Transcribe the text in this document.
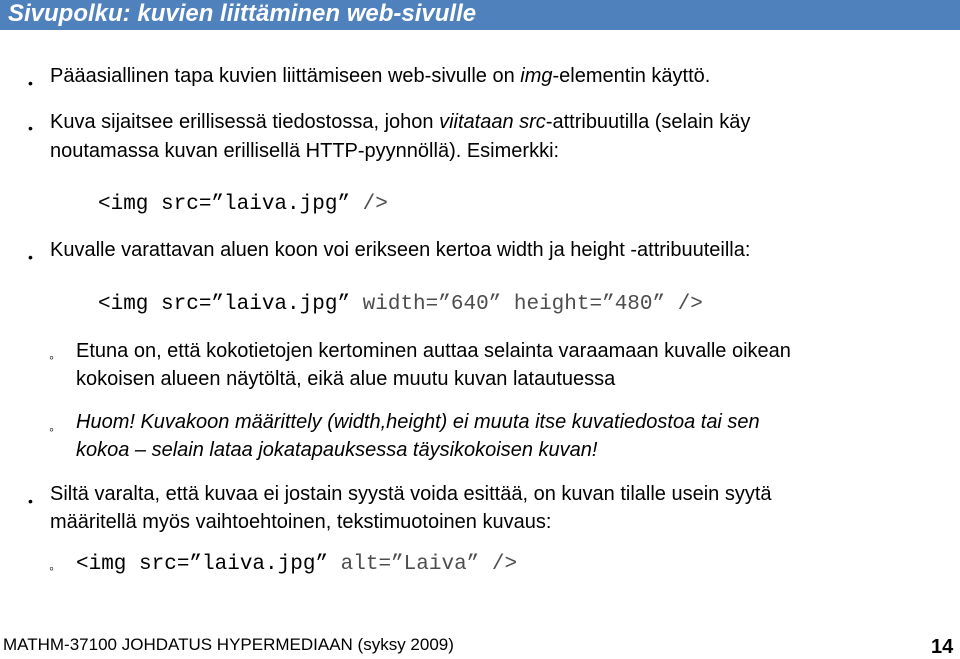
Sivupolku: kuvien liittäminen web-sivulle
• Pääasiallinen tapa kuvien liittämiseen web-sivulle on img-elementin käyttö.
• Kuva sijaitsee erillisessä tiedostossa, johon viitataan src-attribuutilla (selain käy
noutamassa kuvan erillisellä HTTP-pyynnöllä). Esimerkki:
<img src=”laiva.jpg” />
• Kuvalle varattavan aluen koon voi erikseen kertoa width ja height -attribuuteilla:
<img src=”laiva.jpg” width=”640” height=”480” />
◦ Etuna on, että kokotietojen kertominen auttaa selainta varaamaan kuvalle oikean
kokoisen alueen näytöltä, eikä alue muutu kuvan latautuessa
◦ Huom! Kuvakoon määrittely (width,height) ei muuta itse kuvatiedostoa tai sen
kokoa – selain lataa jokatapauksessa täysikokoisen kuvan!
• Siltä varalta, että kuvaa ei jostain syystä voida esittää, on kuvan tilalle usein syytä
määritellä myös vaihtoehtoinen, tekstimuotoinen kuvaus:
◦ <img src=”laiva.jpg” alt=”Laiva” />
MATHM-37100 JOHDATUS HYPERMEDIAAN (syksy 2009)	14
